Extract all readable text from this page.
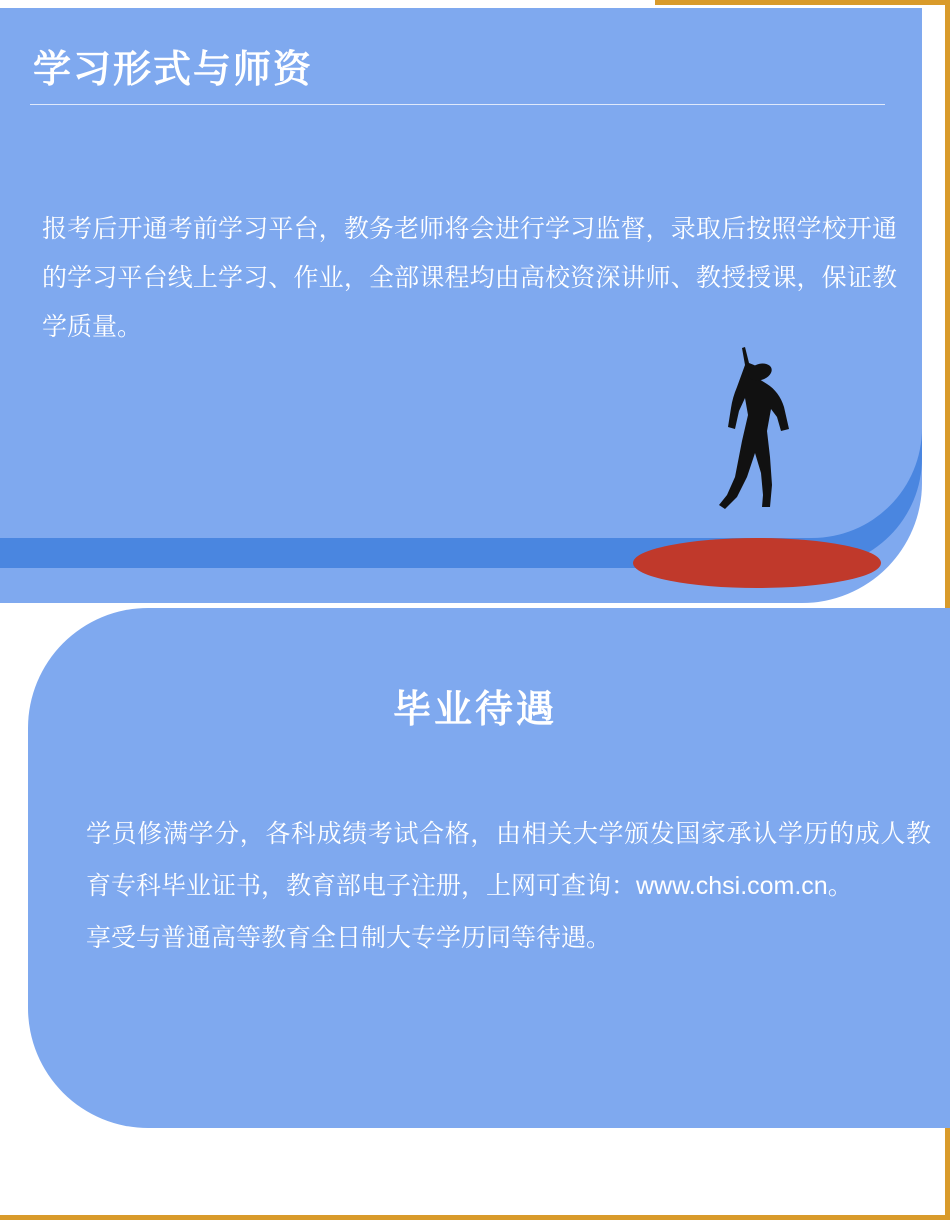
学习形式与师资
报考后开通考前学习平台，教务老师将会进行学习监督，录取后按照学校开通的学习平台线上学习、作业，全部课程均由高校资深讲师、教授授课，保证教学质量。
毕业待遇
学员修满学分，各科成绩考试合格，由相关大学颁发国家承认学历的成人教育专科毕业证书，教育部电子注册，上网可查询：www.chsi.com.cn。
享受与普通高等教育全日制大专学历同等待遇。
